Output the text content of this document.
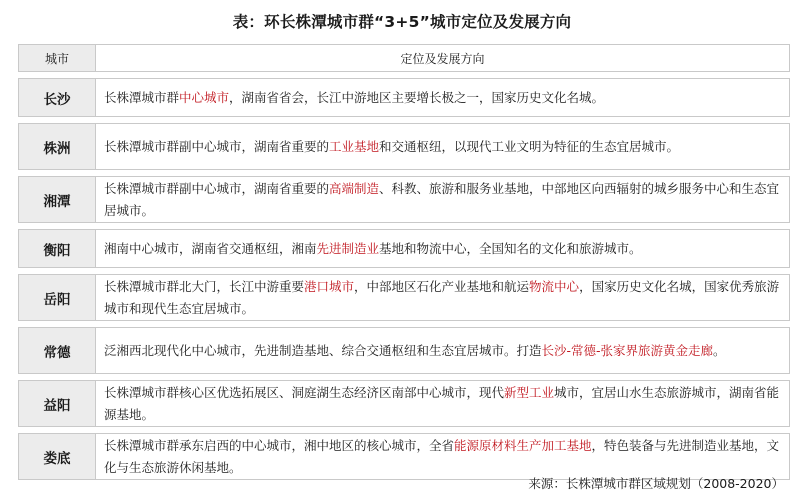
表：环长株潭城市群“3+5”城市定位及发展方向
城市	定位及发展方向

长沙	长株潭城市群中心城市，湖南省省会，长江中游地区主要增长极之一，国家历史文化名城。

株洲	长株潭城市群副中心城市，湖南省重要的工业基地和交通枢纽，以现代工业文明为特征的生态宜居城市。

湘潭	长株潭城市群副中心城市，湖南省重要的高端制造、科教、旅游和服务业基地，中部地区向西辐射的城乡服务中心和生态宜居城市。

衡阳	湘南中心城市，湖南省交通枢纽，湘南先进制造业基地和物流中心，全国知名的文化和旅游城市。

岳阳	长株潭城市群北大门，长江中游重要港口城市，中部地区石化产业基地和航运物流中心，国家历史文化名城，国家优秀旅游城市和现代生态宜居城市。

常德	泛湘西北现代化中心城市，先进制造基地、综合交通枢纽和生态宜居城市。打造长沙-常德-张家界旅游黄金走廊。

益阳	长株潭城市群核心区优选拓展区、洞庭湖生态经济区南部中心城市，现代新型工业城市，宜居山水生态旅游城市，湖南省能源基地。

娄底	长株潭城市群承东启西的中心城市，湘中地区的核心城市，全省能源原材料生产加工基地，特色装备与先进制造业基地，文化与生态旅游休闲基地。
来源：长株潭城市群区域规划（2008-2020）
